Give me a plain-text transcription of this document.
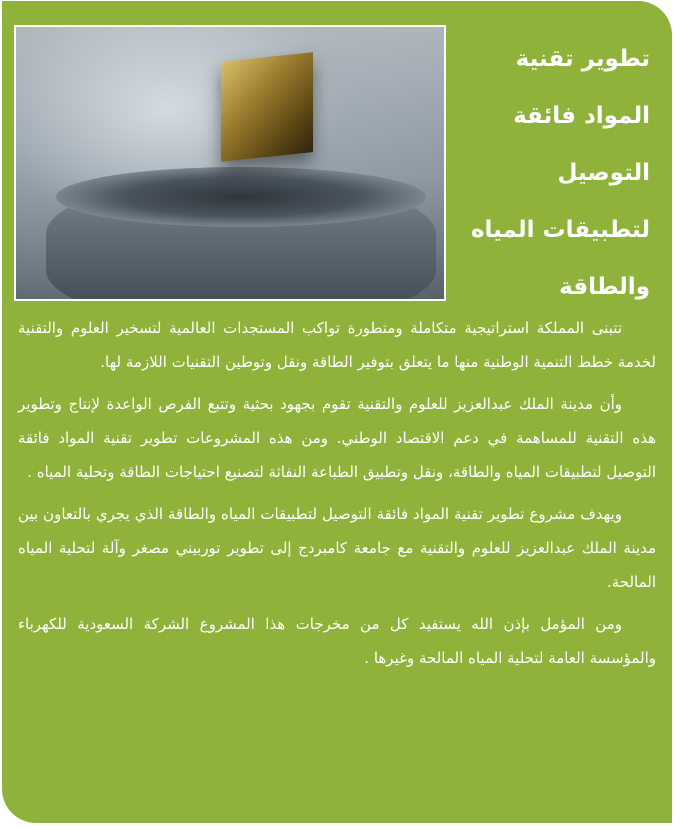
تطوير تقنية المواد فائقة التوصيل لتطبيقات المياه والطاقة

تتبنى المملكة استراتيجية متكاملة ومتطورة تواكب المستجدات العالمية لتسخير العلوم والتقنية لخدمة خطط التنمية الوطنية منها ما يتعلق بتوفير الطاقة ونقل وتوطين التقنيات اللازمة لها.

وأن مدينة الملك عبدالعزيز للعلوم والتقنية تقوم بجهود بحثية وتتبع الفرص الواعدة لإنتاج وتطوير هذه التقنية للمساهمة في دعم الاقتصاد الوطني. ومن هذه المشروعات تطوير تقنية المواد فائقة التوصيل لتطبيقات المياه والطاقة، ونقل وتطبيق الطباعة النفاثة لتصنيع احتياجات الطاقة وتحلية المياه .

ويهدف مشروع تطوير تقنية المواد فائقة التوصيل لتطبيقات المياه والطاقة الذي يجري بالتعاون بين مدينة الملك عبدالعزيز للعلوم والتقنية مع جامعة كامبردج إلى تطوير توربيني مصغر وآلة لتحلية المياه المالحة.

ومن المؤمل بإذن الله يستفيد كل من مخرجات هذا المشروع الشركة السعودية للكهرباء والمؤسسة العامة لتحلية المياه المالحة وغيرها .
